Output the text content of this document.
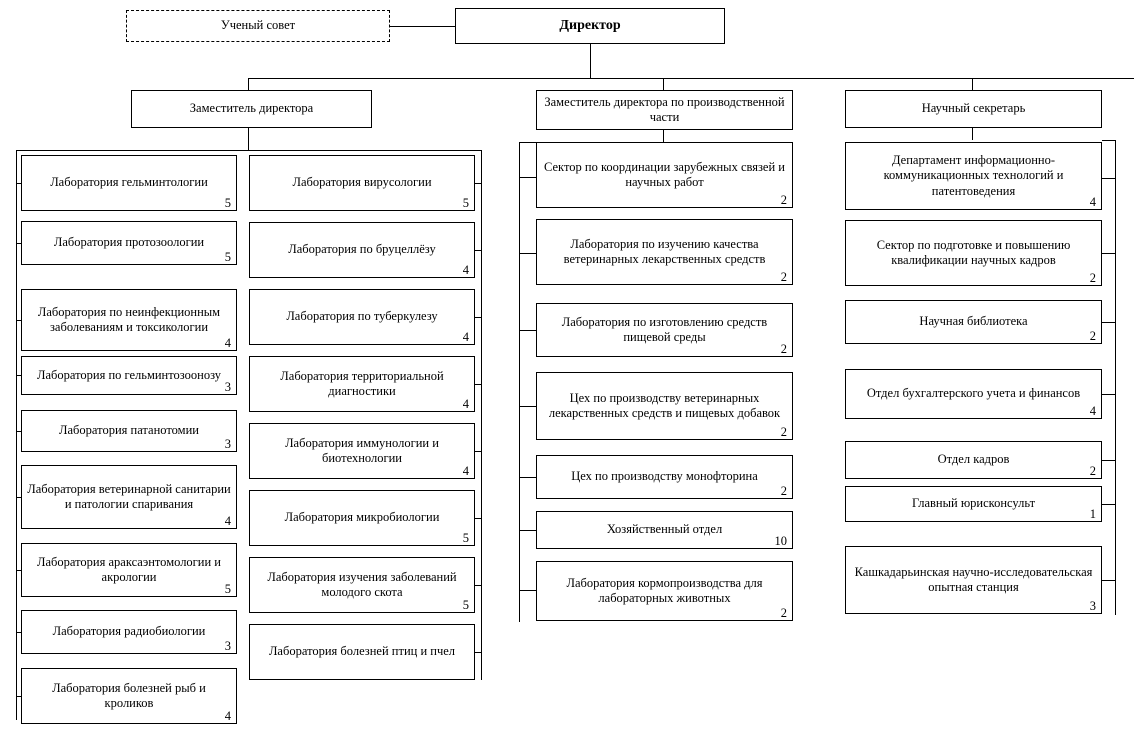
Ученый совет	Директор
Заместитель директора	Заместитель директора по производственной части
Научный секретарь
Лаборатория гельминтологии
5
Лаборатория протозоологии
5
Лаборатория по неинфекционным заболеваниям и токсикологии
4
Лаборатория по гельминтозоонозу
3
Лаборатория патанотомии
3
Лаборатория ветеринарной санитарии и патологии спаривания
4
Лаборатория араксаэнтомологии и акрологии
5
Лаборатория радиобиологии
3
Лаборатория болезней рыб и кроликов
4
Лаборатория вирусологии
5
Лаборатория по бруцеллёзу
4
Лаборатория по туберкулезу
4
Лаборатория территориальной диагностики
4
Лаборатория иммунологии и биотехнологии
4
Лаборатория микробиологии
5
Лаборатория изучения заболеваний молодого скота
5
Лаборатория болезней птиц и пчел
Сектор по координации зарубежных связей и научных работ
2
Лаборатория по изучению качества ветеринарных лекарственных средств
2
Лаборатория по изготовлению средств пищевой среды
2
Цех по производству ветеринарных лекарственных средств и пищевых добавок
2
Цех по производству монофторина
2
Хозяйственный отдел
10
Лаборатория кормопроизводства для лабораторных животных
2
Департамент информационно-коммуникационных технологий и патентоведения
4
Сектор по подготовке и повышению квалификации научных кадров
2
Научная библиотека
2
Отдел бухгалтерского учета и финансов
4
Отдел кадров
2
Главный юрисконсульт
1
Кашкадарьинская научно-исследовательская опытная станция
3
